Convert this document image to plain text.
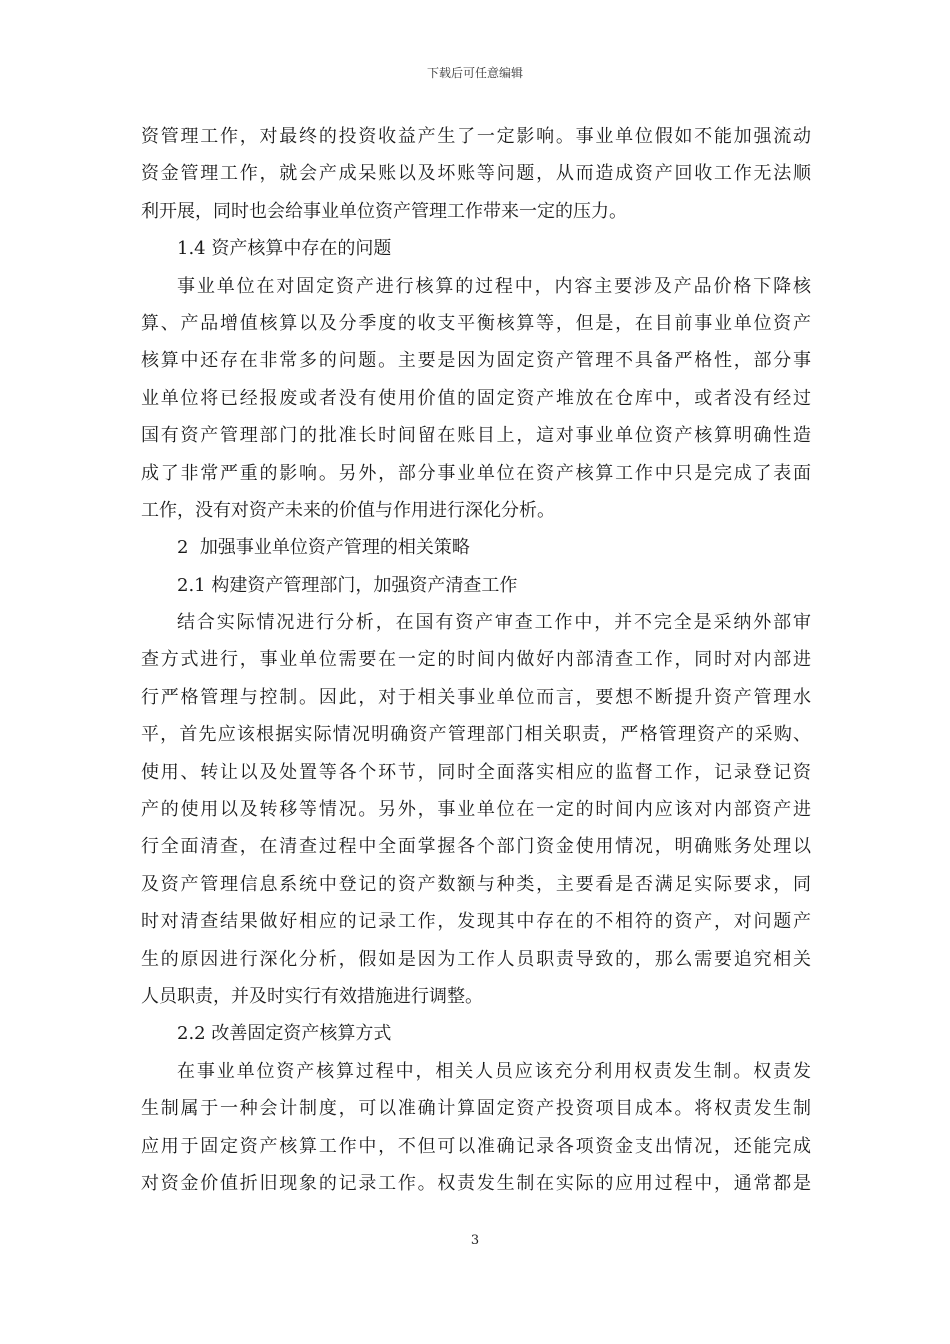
下载后可任意编辑
资管理工作，对最终的投资收益产生了一定影响。事业单位假如不能加强流动
资金管理工作，就会产成呆账以及坏账等问题，从而造成资产回收工作无法顺
利开展，同时也会给事业单位资产管理工作带来一定的压力。
1.4 资产核算中存在的问题
事业单位在对固定资产进行核算的过程中，内容主要涉及产品价格下降核
算、产品增值核算以及分季度的收支平衡核算等，但是，在目前事业单位资产
核算中还存在非常多的问题。主要是因为固定资产管理不具备严格性，部分事
业单位将已经报废或者没有使用价值的固定资产堆放在仓库中，或者没有经过
国有资产管理部门的批准长时间留在账目上，這对事业单位资产核算明确性造
成了非常严重的影响。另外，部分事业单位在资产核算工作中只是完成了表面
工作，没有对资产未来的价值与作用进行深化分析。
2  加强事业单位资产管理的相关策略
2.1 构建资产管理部门，加强资产清查工作
结合实际情况进行分析，在国有资产审查工作中，并不完全是采纳外部审
查方式进行，事业单位需要在一定的时间内做好内部清查工作，同时对内部进
行严格管理与控制。因此，对于相关事业单位而言，要想不断提升资产管理水
平，首先应该根据实际情况明确资产管理部门相关职责，严格管理资产的采购、
使用、转让以及处置等各个环节，同时全面落实相应的监督工作，记录登记资
产的使用以及转移等情况。另外，事业单位在一定的时间内应该对内部资产进
行全面清查，在清查过程中全面掌握各个部门资金使用情况，明确账务处理以
及资产管理信息系统中登记的资产数额与种类，主要看是否满足实际要求，同
时对清查结果做好相应的记录工作，发现其中存在的不相符的资产，对问题产
生的原因进行深化分析，假如是因为工作人员职责导致的，那么需要追究相关
人员职责，并及时实行有效措施进行调整。
2.2 改善固定资产核算方式
在事业单位资产核算过程中，相关人员应该充分利用权责发生制。权责发
生制属于一种会计制度，可以准确计算固定资产投资项目成本。将权责发生制
应用于固定资产核算工作中，不但可以准确记录各项资金支出情况，还能完成
对资金价值折旧现象的记录工作。权责发生制在实际的应用过程中，通常都是
3
